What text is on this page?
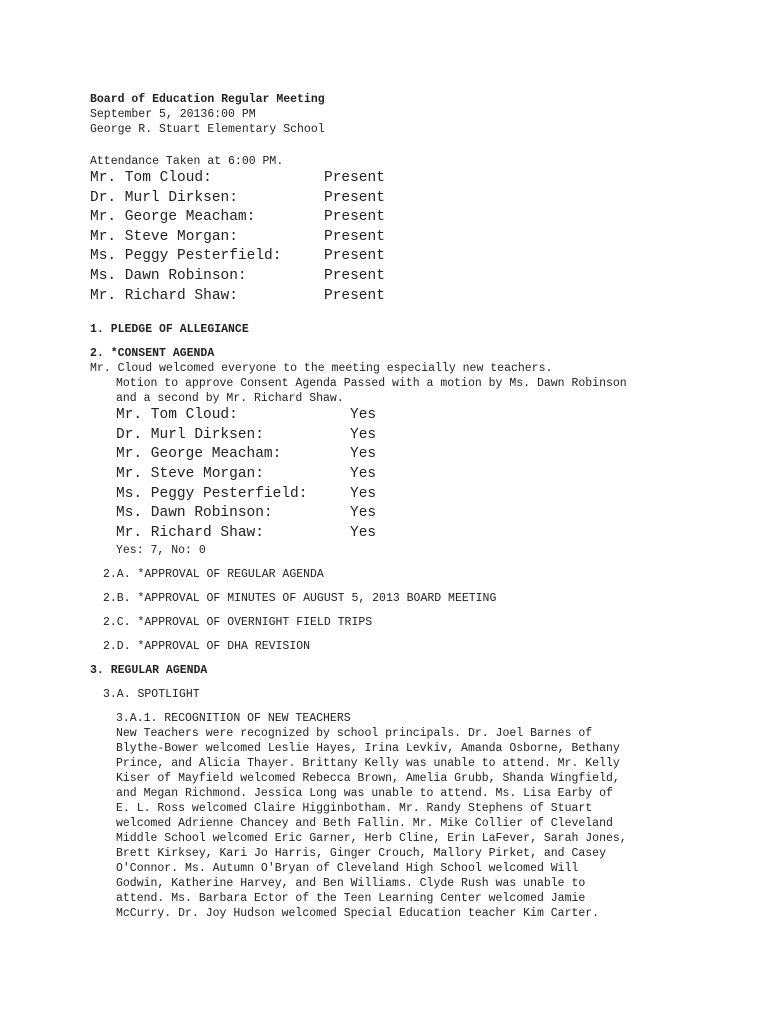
Board of Education Regular Meeting
September 5, 20136:00 PM
George R. Stuart Elementary School
Attendance Taken at 6:00 PM.
Mr. Tom Cloud:	Present
Dr. Murl Dirksen:	Present
Mr. George Meacham:	Present
Mr. Steve Morgan:	Present
Ms. Peggy Pesterfield:	Present
Ms. Dawn Robinson:	Present
Mr. Richard Shaw:	Present
1. PLEDGE OF ALLEGIANCE
2. *CONSENT AGENDA
Mr. Cloud welcomed everyone to the meeting especially new teachers.
Motion to approve Consent Agenda Passed with a motion by Ms. Dawn Robinson
and a second by Mr. Richard Shaw.
Mr. Tom Cloud:	Yes
Dr. Murl Dirksen:	Yes
Mr. George Meacham:	Yes
Mr. Steve Morgan:	Yes
Ms. Peggy Pesterfield:	Yes
Ms. Dawn Robinson:	Yes
Mr. Richard Shaw:	Yes
Yes: 7, No: 0
2.A. *APPROVAL OF REGULAR AGENDA
2.B. *APPROVAL OF MINUTES OF AUGUST 5, 2013 BOARD MEETING
2.C. *APPROVAL OF OVERNIGHT FIELD TRIPS
2.D. *APPROVAL OF DHA REVISION
3. REGULAR AGENDA
3.A. SPOTLIGHT
3.A.1. RECOGNITION OF NEW TEACHERS
New Teachers were recognized by school principals. Dr. Joel Barnes of
Blythe-Bower welcomed Leslie Hayes, Irina Levkiv, Amanda Osborne, Bethany
Prince, and Alicia Thayer. Brittany Kelly was unable to attend. Mr. Kelly
Kiser of Mayfield welcomed Rebecca Brown, Amelia Grubb, Shanda Wingfield,
and Megan Richmond. Jessica Long was unable to attend. Ms. Lisa Earby of
E. L. Ross welcomed Claire Higginbotham. Mr. Randy Stephens of Stuart
welcomed Adrienne Chancey and Beth Fallin. Mr. Mike Collier of Cleveland
Middle School welcomed Eric Garner, Herb Cline, Erin LaFever, Sarah Jones,
Brett Kirksey, Kari Jo Harris, Ginger Crouch, Mallory Pirket, and Casey
O'Connor. Ms. Autumn O'Bryan of Cleveland High School welcomed Will
Godwin, Katherine Harvey, and Ben Williams. Clyde Rush was unable to
attend. Ms. Barbara Ector of the Teen Learning Center welcomed Jamie
McCurry. Dr. Joy Hudson welcomed Special Education teacher Kim Carter.
